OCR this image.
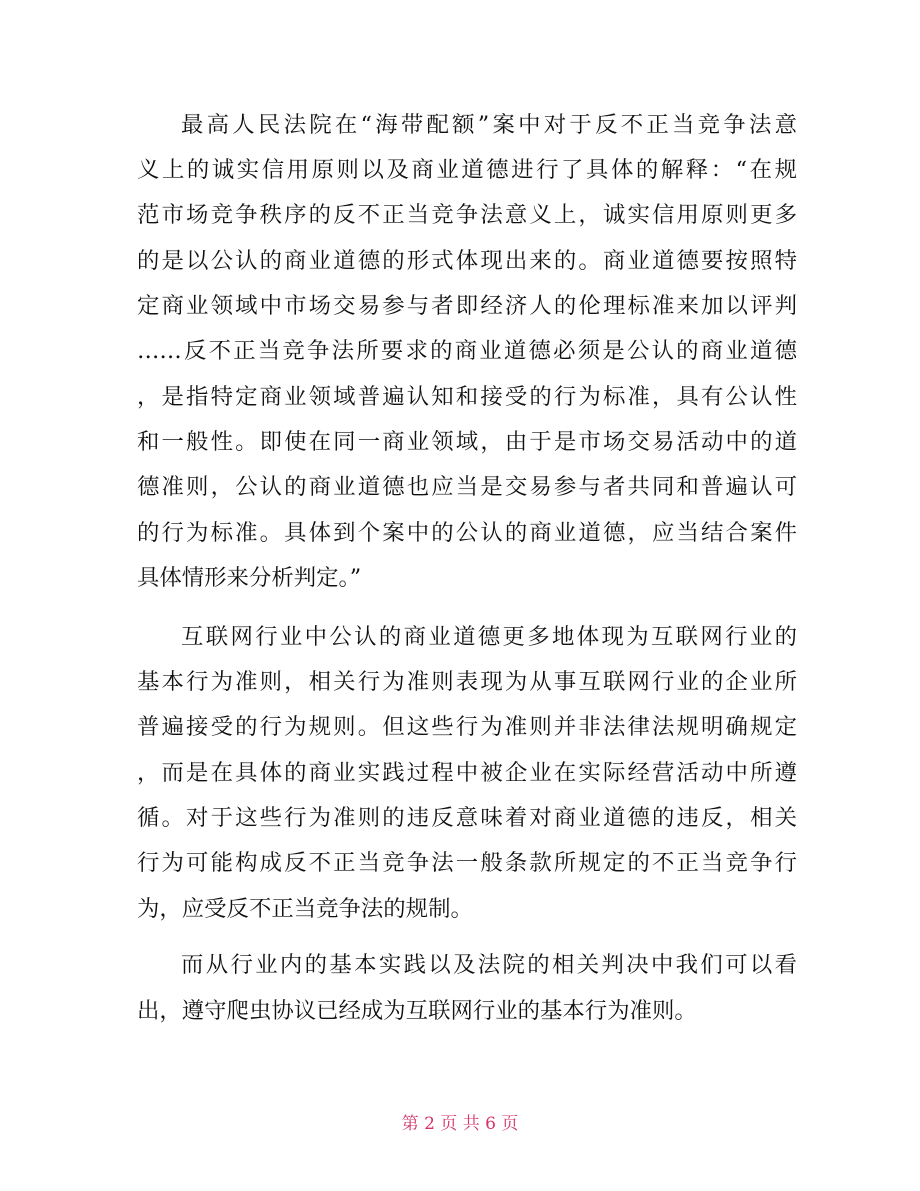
最高人民法院在“海带配额”案中对于反不正当竞争法意
义上的诚实信用原则以及商业道德进行了具体的解释：“在规
范市场竞争秩序的反不正当竞争法意义上，诚实信用原则更多
的是以公认的商业道德的形式体现出来的。商业道德要按照特
定商业领域中市场交易参与者即经济人的伦理标准来加以评判
……反不正当竞争法所要求的商业道德必须是公认的商业道德
，是指特定商业领域普遍认知和接受的行为标准，具有公认性
和一般性。即使在同一商业领域，由于是市场交易活动中的道
德准则，公认的商业道德也应当是交易参与者共同和普遍认可
的行为标准。具体到个案中的公认的商业道德，应当结合案件
具体情形来分析判定。”
互联网行业中公认的商业道德更多地体现为互联网行业的
基本行为准则，相关行为准则表现为从事互联网行业的企业所
普遍接受的行为规则。但这些行为准则并非法律法规明确规定
，而是在具体的商业实践过程中被企业在实际经营活动中所遵
循。对于这些行为准则的违反意味着对商业道德的违反，相关
行为可能构成反不正当竞争法一般条款所规定的不正当竞争行
为，应受反不正当竞争法的规制。
而从行业内的基本实践以及法院的相关判决中我们可以看
出，遵守爬虫协议已经成为互联网行业的基本行为准则。
第 2 页 共 6 页
